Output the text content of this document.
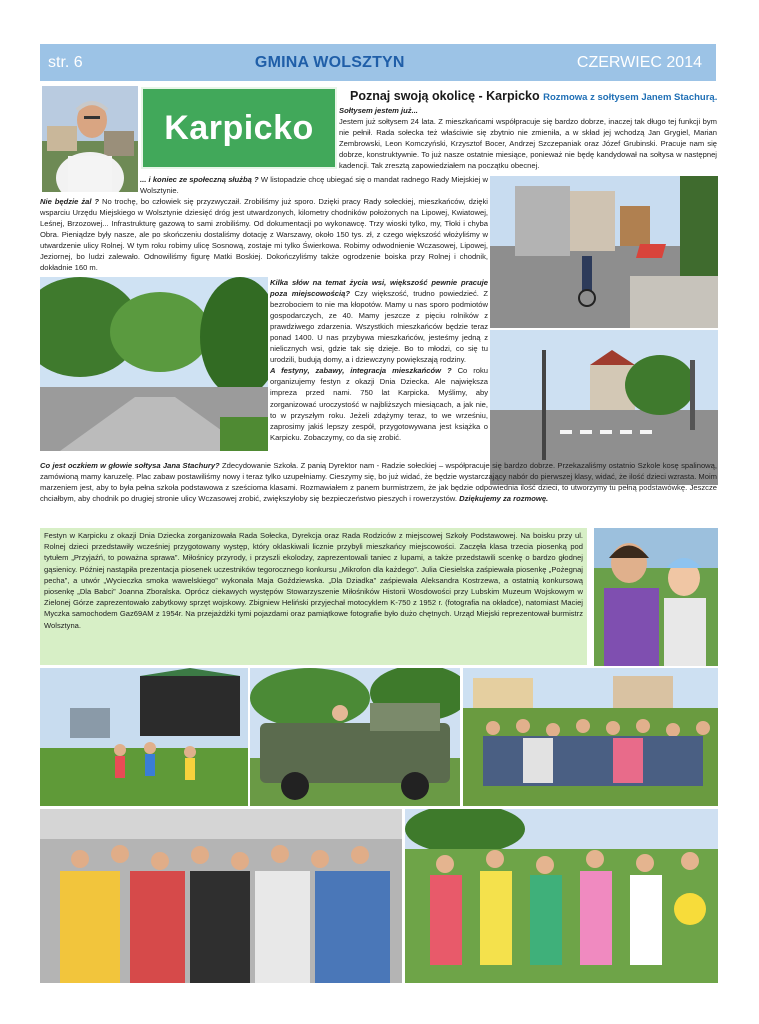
str. 6	GMINA WOLSZTYN	CZERWIEC 2014
Karpicko
Poznaj swoją okolicę - Karpicko Rozmowa z sołtysem Janem Stachurą.
Sołtysem jestem już...
Jestem już sołtysem 24 lata. Z mieszkańcami współpracuje się bardzo dobrze, inaczej tak długo tej funkcji bym nie pełnił. Rada sołecka też właściwie się zbytnio nie zmieniła, a w skład jej wchodzą Jan Grygiel, Marian Zembrowski, Leon Komczyński, Krzysztof Bocer, Andrzej Szczepaniak oraz Józef Grubinski. Pracuje nam się dobrze, konstruktywnie. To już nasze ostatnie miesiące, ponieważ nie będę kandydował na sołtysa w następnej kadencji. Tak zresztą zapowiedziałem na początku obecnej.
... i koniec ze społeczną służbą ? W listopadzie chcę ubiegać się o mandat radnego Rady Miejskiej w Wolsztynie.
Nie będzie żal ? No trochę, bo człowiek się przyzwyczaił. Zrobiliśmy już sporo. Dzięki pracy Rady sołeckiej, mieszkańców, dzięki wsparciu Urzędu Miejskiego w Wolsztynie dziesięć dróg jest utwardzonych, kilometry chodników położonych na Lipowej, Kwiatowej, Leśnej, Brzozowej... Infrastrukturę gazową to sami zrobiliśmy. Od dokumentacji po wykonawcę. Trzy wioski tylko, my, Tłoki i chyba Obra. Pieniądze były nasze, ale po skończeniu dostaliśmy dotację z Warszawy, około 150 tys. zł, z czego większość włożyliśmy w utwardzenie ulicy Rolnej. W tym roku robimy ulicę Sosnową, zostaje mi tylko Świerkowa. Robimy odwodnienie Wczasowej, Lipowej, Jeziornej, bo ludzi zalewało. Odnowiliśmy figurę Matki Boskiej. Dokończyliśmy także ogrodzenie boiska przy Rolnej i chodnik, dokładnie 160 m.
Kilka słów na temat życia wsi, większość pewnie pracuje poza miejscowością? Czy większość, trudno powiedzieć. Z bezrobociem to nie ma kłopotów. Mamy u nas sporo podmiotów gospodarczych, ze 40. Mamy jeszcze z pięciu rolników z prawdziwego zdarzenia. Wszystkich mieszkańców będzie teraz ponad 1400. U nas przybywa mieszkańców, jesteśmy jedną z nielicznych wsi, gdzie tak się dzieje. Bo to młodzi, co się tu urodzili, budują domy, a i dziewczyny powiększają rodziny.
A festyny, zabawy, integracja mieszkańców ? Co roku organizujemy festyn z okazji Dnia Dziecka. Ale największa impreza przed nami. 750 lat Karpicka. Myślimy, aby zorganizować uroczystość w najbliższych miesiącach, a jak nie, to w przyszłym roku. Jeżeli zdążymy teraz, to we wrześniu, zaprosimy jakiś lepszy zespół, przygotowywana jest książka o Karpicku. Zobaczymy, co da się zrobić.
Co jest oczkiem w głowie sołtysa Jana Stachury? Zdecydowanie Szkoła. Z panią Dyrektor nam - Radzie sołeckiej – współpracuje się bardzo dobrze. Przekazaliśmy ostatnio Szkole kosę spalinową, zamówioną mamy karuzelę. Plac zabaw postawiliśmy nowy i teraz tylko uzupełniamy. Cieszymy się, bo już widać, że będzie wystarczający nabór do pierwszej klasy, widać, że ilość dzieci wzrasta. Moim marzeniem jest, aby to była pełna szkoła podstawowa z sześcioma klasami. Rozmawiałem z panem burmistrzem, że jak będzie odpowiednia ilość dzieci, to utworzymy tu pełną podstawówkę. Jeszcze chciałbym, aby chodnik po drugiej stronie ulicy Wczasowej zrobić, zwiększyłoby się bezpieczeństwo pieszych i rowerzystów. Dziękujemy za rozmowę.
Festyn w Karpicku z okazji Dnia Dziecka zorganizowała Rada Sołecka, Dyrekcja oraz Rada Rodziców z miejscowej Szkoły Podstawowej. Na boisku przy ul. Rolnej dzieci przedstawiły wcześniej przygotowany występ, który oklaskiwali licznie przybyli mieszkańcy miejscowości. Zaczęła klasa trzecia piosenką pod tytułem „Przyjaźń, to poważna sprawa”. Miłośnicy przyrody, i przyszli ekolodzy, zaprezentowali taniec z lupami, a także przedstawili scenkę o bardzo głodnej gąsienicy. Później nastąpiła prezentacja piosenek uczestników tegorocznego konkursu „Mikrofon dla każdego”. Julia Ciesielska zaśpiewała piosenkę „Pożegnaj pecha”, a utwór „Wycieczka smoka wawelskiego” wykonała Maja Goździewska. „Dla Dziadka” zaśpiewała Aleksandra Kostrzewa, a ostatnią konkursową piosenkę „Dla Babci” Joanna Zboralska. Oprócz ciekawych występów Stowarzyszenie Miłośników Historii Wosdowości przy Lubskim Muzeum Wojskowym w Zielonej Górze zaprezentowało zabytkowy sprzęt wojskowy. Zbigniew Heliński przyjechał motocyklem K-750 z 1952 r. (fotografia na okładce), natomiast Maciej Myczka samochodem Gaz69AM z 1954r. Na przejażdżki tymi pojazdami oraz pamiątkowe fotografie było dużo chętnych. Urząd Miejski reprezentował burmistrz Wolsztyna.
